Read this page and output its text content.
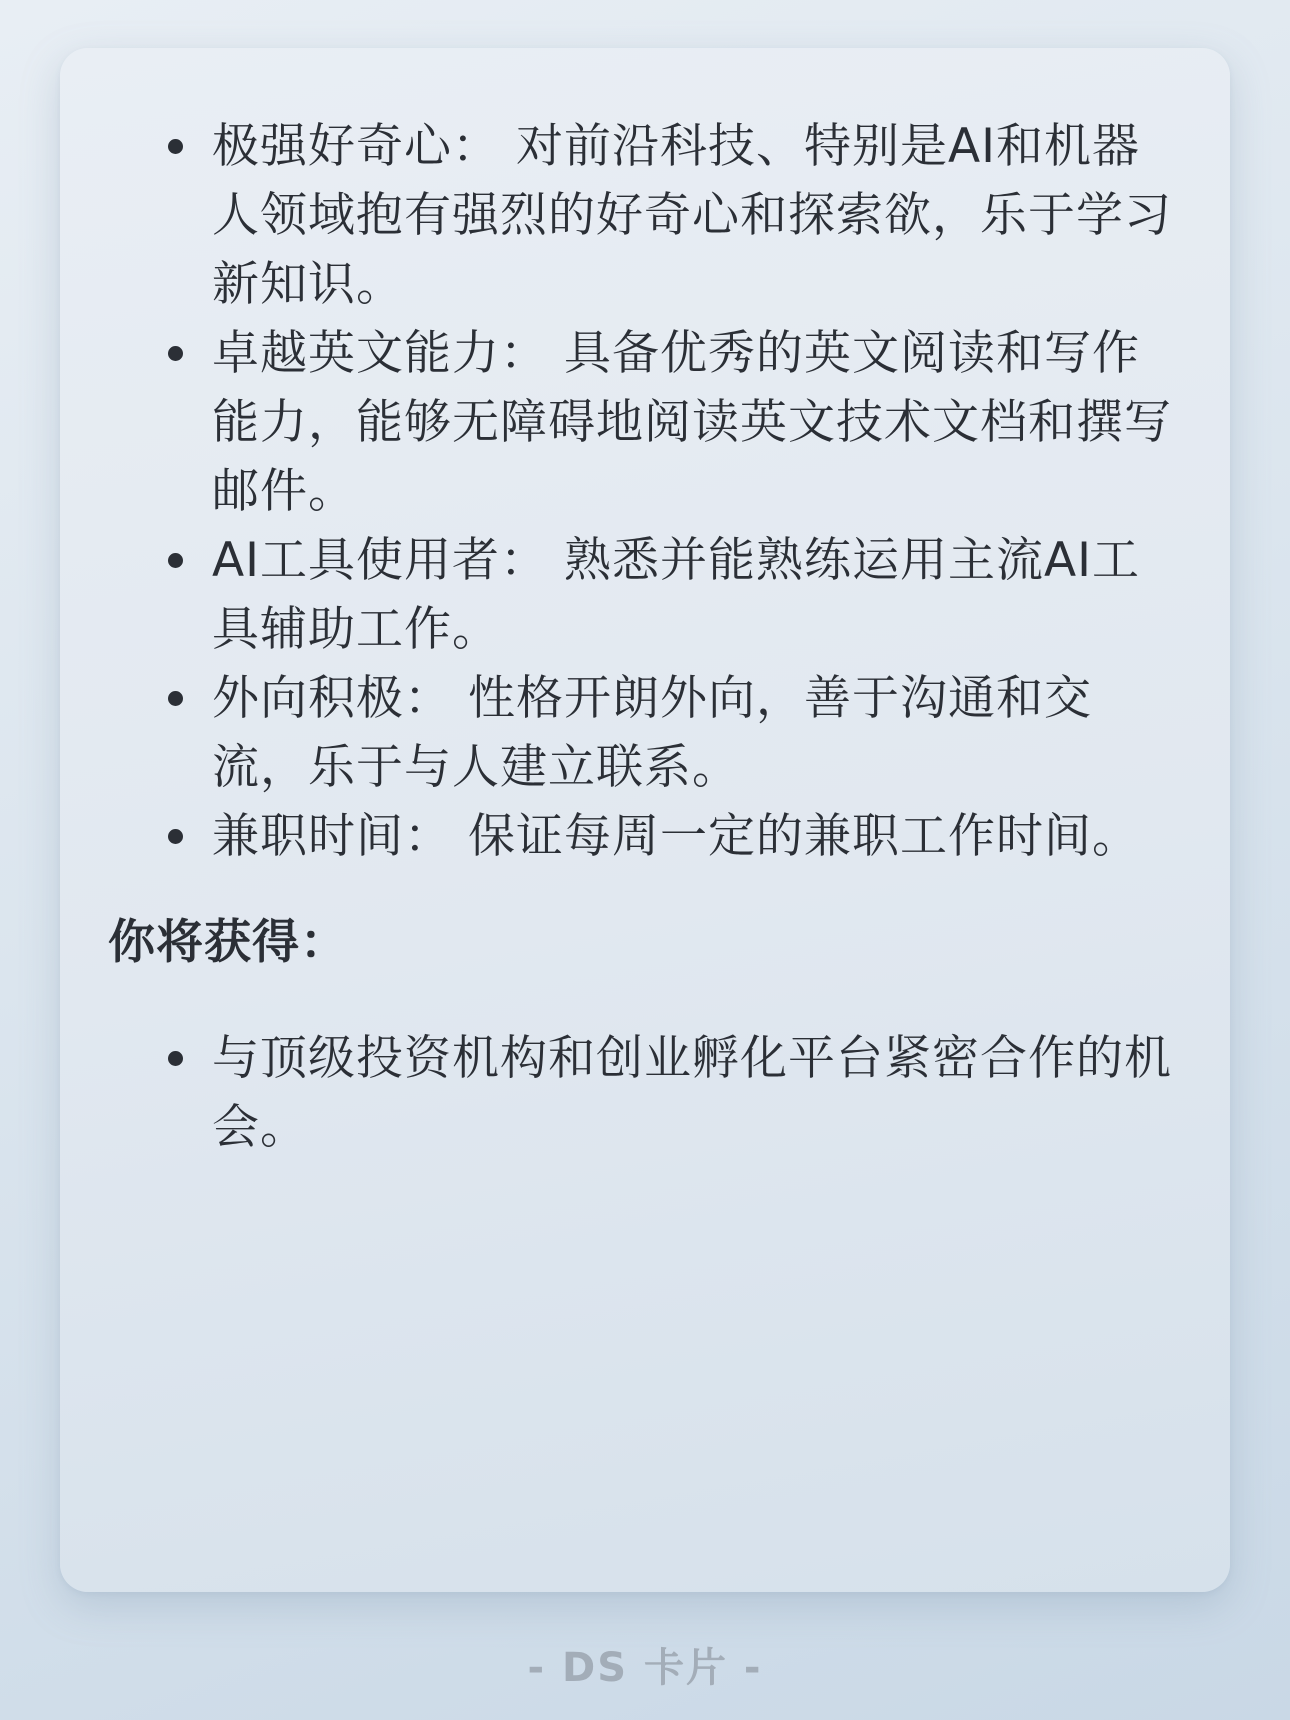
极强好奇心： 对前沿科技、特别是AI和机器人领域抱有强烈的好奇心和探索欲，乐于学习新知识。
卓越英文能力： 具备优秀的英文阅读和写作能力，能够无障碍地阅读英文技术文档和撰写邮件。
AI工具使用者： 熟悉并能熟练运用主流AI工具辅助工作。
外向积极： 性格开朗外向，善于沟通和交流，乐于与人建立联系。
兼职时间： 保证每周一定的兼职工作时间。
你将获得：
与顶级投资机构和创业孵化平台紧密合作的机会。
- DS 卡片 -
